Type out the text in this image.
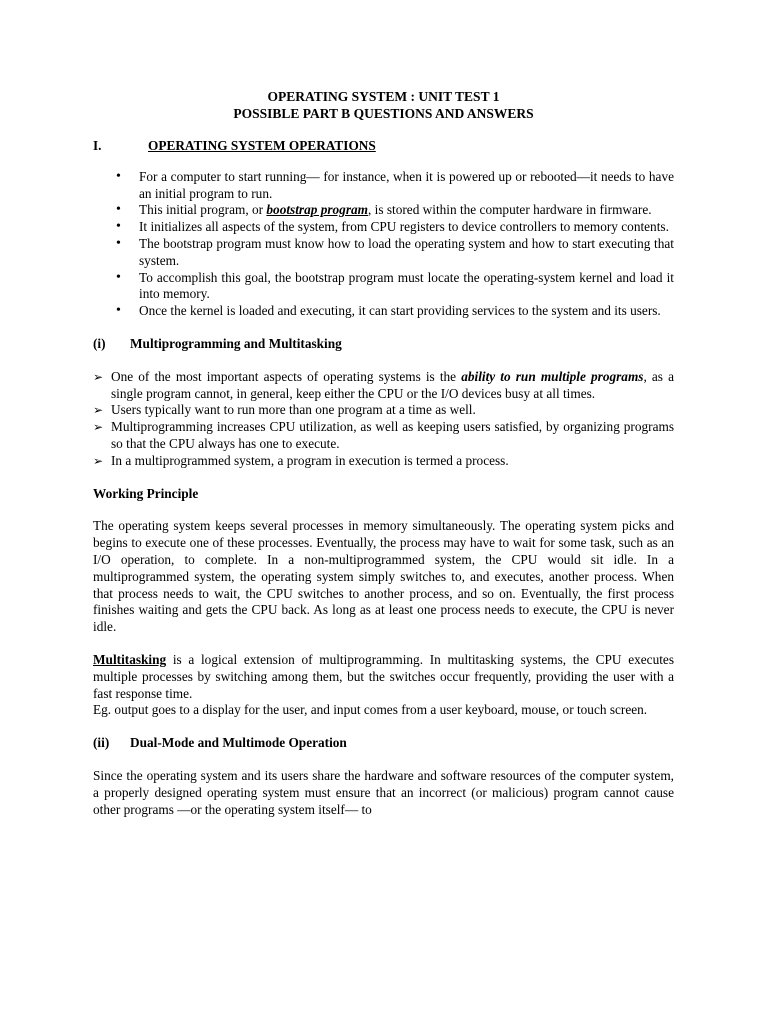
OPERATING SYSTEM : UNIT TEST 1
POSSIBLE PART B QUESTIONS AND ANSWERS
I.	OPERATING SYSTEM OPERATIONS
• For a computer to start running— for instance, when it is powered up or rebooted—it needs to have an initial program to run.
• This initial program, or bootstrap program, is stored within the computer hardware in firmware.
• It initializes all aspects of the system, from CPU registers to device controllers to memory contents.
• The bootstrap program must know how to load the operating system and how to start executing that system.
• To accomplish this goal, the bootstrap program must locate the operating-system kernel and load it into memory.
• Once the kernel is loaded and executing, it can start providing services to the system and its users.
(i)	Multiprogramming and Multitasking
➢ One of the most important aspects of operating systems is the ability to run multiple programs, as a single program cannot, in general, keep either the CPU or the I/O devices busy at all times.
➢ Users typically want to run more than one program at a time as well.
➢ Multiprogramming increases CPU utilization, as well as keeping users satisfied, by organizing programs so that the CPU always has one to execute.
➢ In a multiprogrammed system, a program in execution is termed a process.
Working Principle

The operating system keeps several processes in memory simultaneously. The operating system picks and begins to execute one of these processes. Eventually, the process may have to wait for some task, such as an I/O operation, to complete. In a non-multiprogrammed system, the CPU would sit idle. In a multiprogrammed system, the operating system simply switches to, and executes, another process. When that process needs to wait, the CPU switches to another process, and so on. Eventually, the first process finishes waiting and gets the CPU back. As long as at least one process needs to execute, the CPU is never idle.

Multitasking is a logical extension of multiprogramming. In multitasking systems, the CPU executes multiple processes by switching among them, but the switches occur frequently, providing the user with a fast response time.

Eg. output goes to a display for the user, and input comes from a user keyboard, mouse, or touch screen.

(ii)	Dual-Mode and Multimode Operation

Since the operating system and its users share the hardware and software resources of the computer system, a properly designed operating system must ensure that an incorrect (or malicious) program cannot cause other programs —or the operating system itself— to
